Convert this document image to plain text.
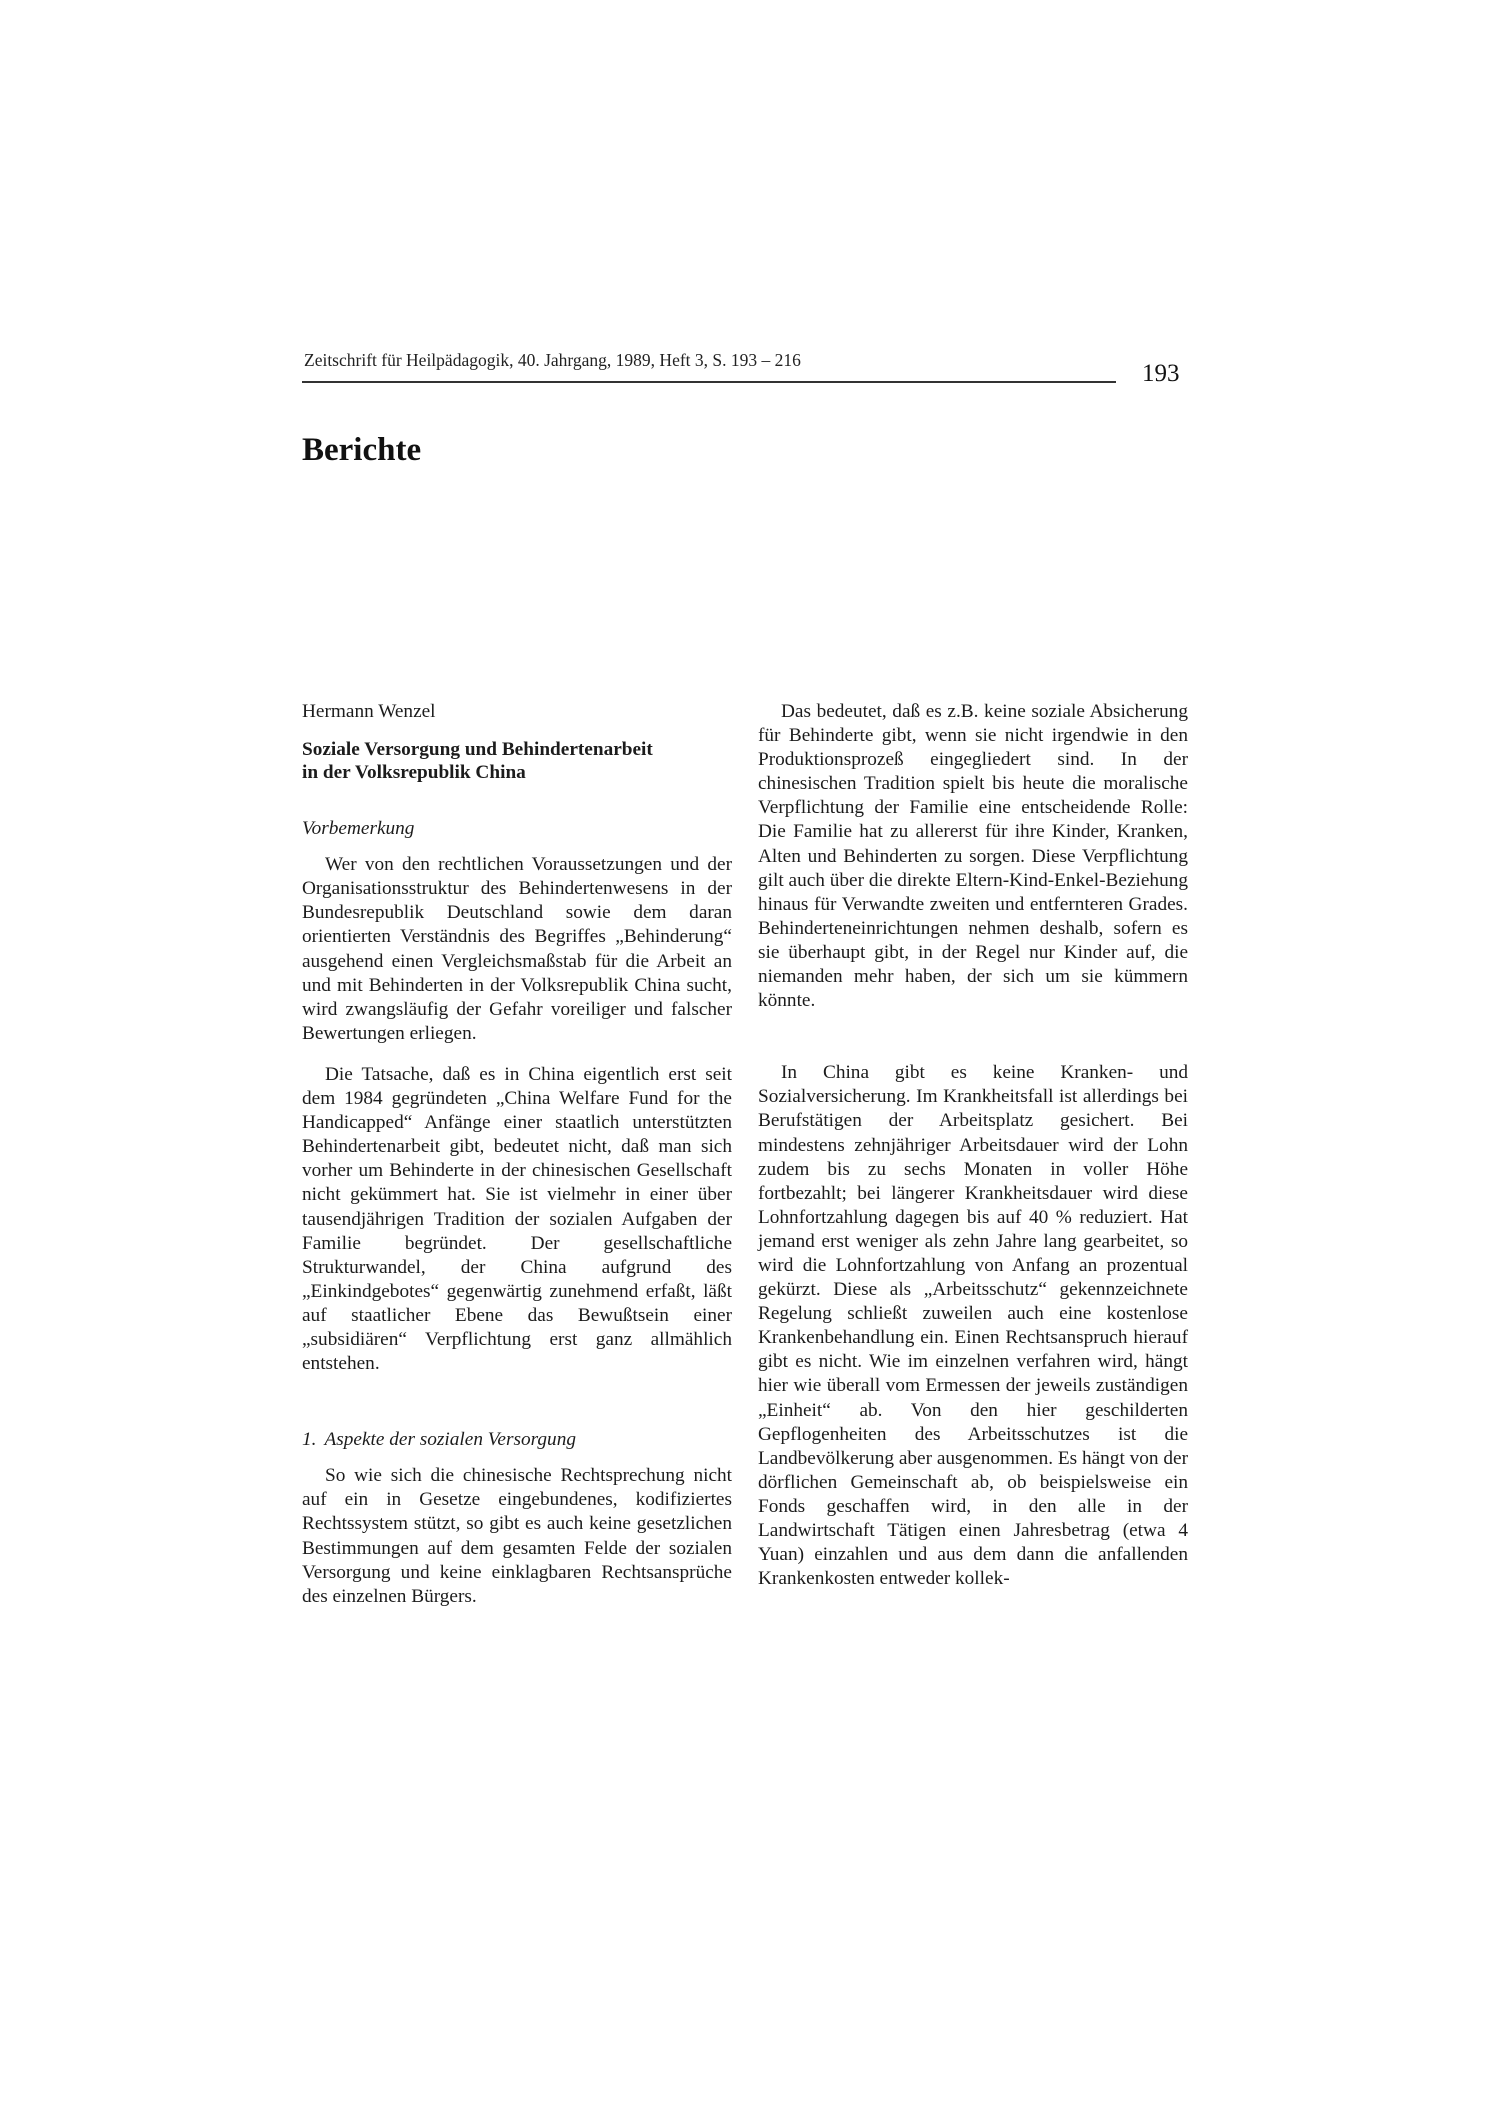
Zeitschrift für Heilpädagogik, 40. Jahrgang, 1989, Heft 3, S. 193 – 216	193
Berichte

Hermann Wenzel

Soziale Versorgung und Behindertenarbeit
in der Volksrepublik China

Vorbemerkung

Wer von den rechtlichen Voraussetzungen und der Organisationsstruktur des Behindertenwesens in der Bundesrepublik Deutschland sowie dem daran orientierten Verständnis des Begriffes „Behinderung“ ausgehend einen Vergleichsmaßstab für die Arbeit an und mit Behinderten in der Volksrepublik China sucht, wird zwangsläufig der Gefahr voreiliger und falscher Bewertungen erliegen.

Die Tatsache, daß es in China eigentlich erst seit dem 1984 gegründeten „China Welfare Fund for the Handicapped“ Anfänge einer staatlich unterstützten Behindertenarbeit gibt, bedeutet nicht, daß man sich vorher um Behinderte in der chinesischen Gesellschaft nicht gekümmert hat. Sie ist vielmehr in einer über tausendjährigen Tradition der sozialen Aufgaben der Familie begründet. Der gesellschaftliche Strukturwandel, der China aufgrund des „Einkindgebotes“ gegenwärtig zunehmend erfaßt, läßt auf staatlicher Ebene das Bewußtsein einer „subsidiären“ Verpflichtung erst ganz allmählich entstehen.

1. Aspekte der sozialen Versorgung

So wie sich die chinesische Rechtsprechung nicht auf ein in Gesetze eingebundenes, kodifiziertes Rechtssystem stützt, so gibt es auch keine gesetzlichen Bestimmungen auf dem gesamten Felde der sozialen Versorgung und keine einklagbaren Rechtsansprüche des einzelnen Bürgers.

Das bedeutet, daß es z.B. keine soziale Absicherung für Behinderte gibt, wenn sie nicht irgendwie in den Produktionsprozeß eingegliedert sind. In der chinesischen Tradition spielt bis heute die moralische Verpflichtung der Familie eine entscheidende Rolle: Die Familie hat zu allererst für ihre Kinder, Kranken, Alten und Behinderten zu sorgen. Diese Verpflichtung gilt auch über die direkte Eltern-Kind-Enkel-Beziehung hinaus für Verwandte zweiten und entfernteren Grades. Behinderteneinrichtungen nehmen deshalb, sofern es sie überhaupt gibt, in der Regel nur Kinder auf, die niemanden mehr haben, der sich um sie kümmern könnte.

In China gibt es keine Kranken- und Sozialversicherung. Im Krankheitsfall ist allerdings bei Berufstätigen der Arbeitsplatz gesichert. Bei mindestens zehnjähriger Arbeitsdauer wird der Lohn zudem bis zu sechs Monaten in voller Höhe fortbezahlt; bei längerer Krankheitsdauer wird diese Lohnfortzahlung dagegen bis auf 40 % reduziert. Hat jemand erst weniger als zehn Jahre lang gearbeitet, so wird die Lohnfortzahlung von Anfang an prozentual gekürzt. Diese als „Arbeitsschutz“ gekennzeichnete Regelung schließt zuweilen auch eine kostenlose Krankenbehandlung ein. Einen Rechtsanspruch hierauf gibt es nicht. Wie im einzelnen verfahren wird, hängt hier wie überall vom Ermessen der jeweils zuständigen „Einheit“ ab. Von den hier geschilderten Gepflogenheiten des Arbeitsschutzes ist die Landbevölkerung aber ausgenommen. Es hängt von der dörflichen Gemeinschaft ab, ob beispielsweise ein Fonds geschaffen wird, in den alle in der Landwirtschaft Tätigen einen Jahresbetrag (etwa 4 Yuan) einzahlen und aus dem dann die anfallenden Krankenkosten entweder kollek-
